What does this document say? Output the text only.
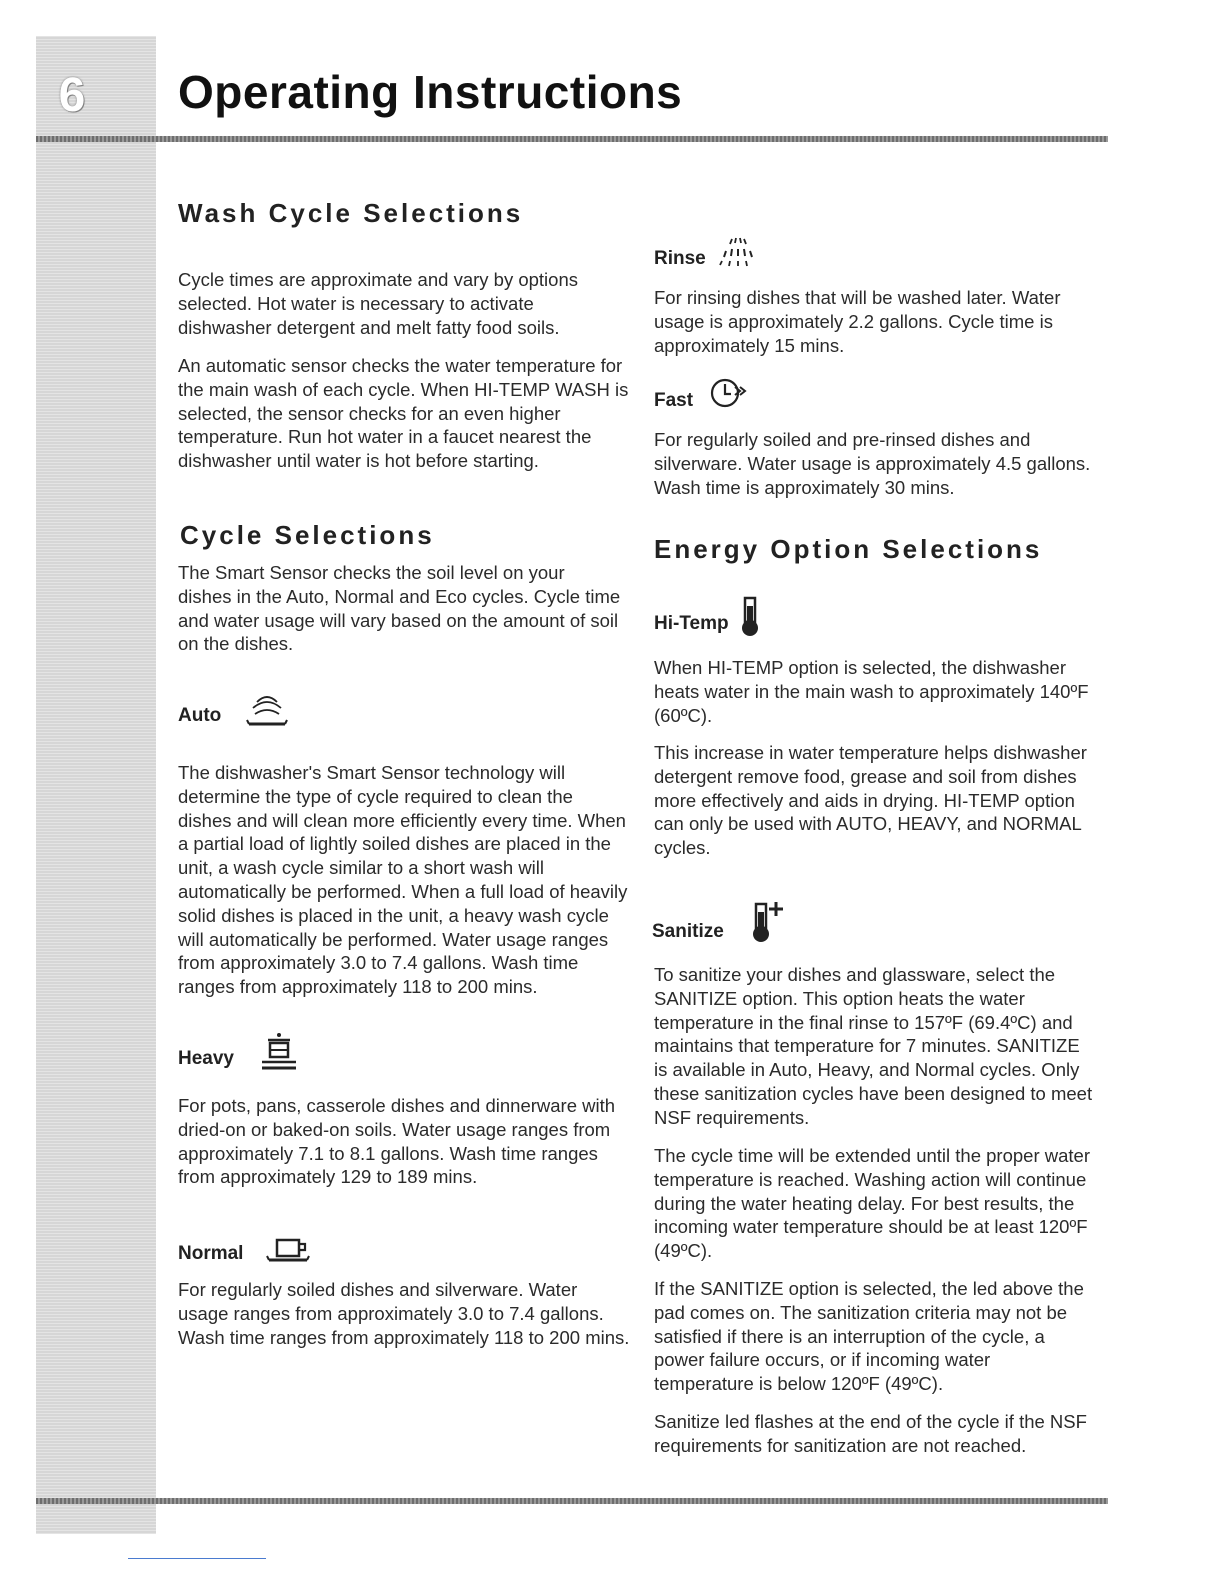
6 Operating Instructions
Wash Cycle Selections

Cycle times are approximate and vary by options selected. Hot water is necessary to activate dishwasher detergent and melt fatty food soils.

An automatic sensor checks the water temperature for the main wash of each cycle. When HI-TEMP WASH is selected, the sensor checks for an even higher temperature. Run hot water in a faucet nearest the dishwasher until water is hot before starting.

Cycle Selections

The Smart Sensor checks the soil level on your dishes in the Auto, Normal and Eco cycles. Cycle time and water usage will vary based on the amount of soil on the dishes.

Auto

The dishwasher's Smart Sensor technology will determine the type of cycle required to clean the dishes and will clean more efficiently every time. When a partial load of lightly soiled dishes are placed in the unit, a wash cycle similar to a short wash will automatically be performed. When a full load of heavily solid dishes is placed in the unit, a heavy wash cycle will automatically be performed. Water usage ranges from approximately 3.0 to 7.4 gallons. Wash time ranges from approximately 118 to 200 mins.

Heavy

For pots, pans, casserole dishes and dinnerware with dried-on or baked-on soils. Water usage ranges from approximately 7.1 to 8.1 gallons. Wash time ranges from approximately 129 to 189 mins.

Normal

For regularly soiled dishes and silverware. Water usage ranges from approximately 3.0 to 7.4 gallons. Wash time ranges from approximately 118 to 200 mins.

Rinse

For rinsing dishes that will be washed later. Water usage is approximately 2.2 gallons. Cycle time is approximately 15 mins.

Fast

For regularly soiled and pre-rinsed dishes and silverware. Water usage is approximately 4.5 gallons. Wash time is approximately 30 mins.

Energy Option Selections
Hi-Temp

When HI-TEMP option is selected, the dishwasher heats water in the main wash to approximately 140ºF (60ºC).

This increase in water temperature helps dishwasher detergent remove food, grease and soil from dishes more effectively and aids in drying. HI-TEMP option can only be used with AUTO, HEAVY, and NORMAL cycles.

Sanitize

To sanitize your dishes and glassware, select the SANITIZE option. This option heats the water temperature in the final rinse to 157ºF (69.4ºC) and maintains that temperature for 7 minutes. SANITIZE is available in Auto, Heavy, and Normal cycles. Only these sanitization cycles have been designed to meet NSF requirements.

The cycle time will be extended until the proper water temperature is reached. Washing action will continue during the water heating delay. For best results, the incoming water temperature should be at least 120ºF (49ºC).

If the SANITIZE option is selected, the led above the pad comes on. The sanitization criteria may not be satisfied if there is an interruption of the cycle, a power failure occurs, or if incoming water temperature is below 120ºF (49ºC).

Sanitize led flashes at the end of the cycle if the NSF requirements for sanitization are not reached.
